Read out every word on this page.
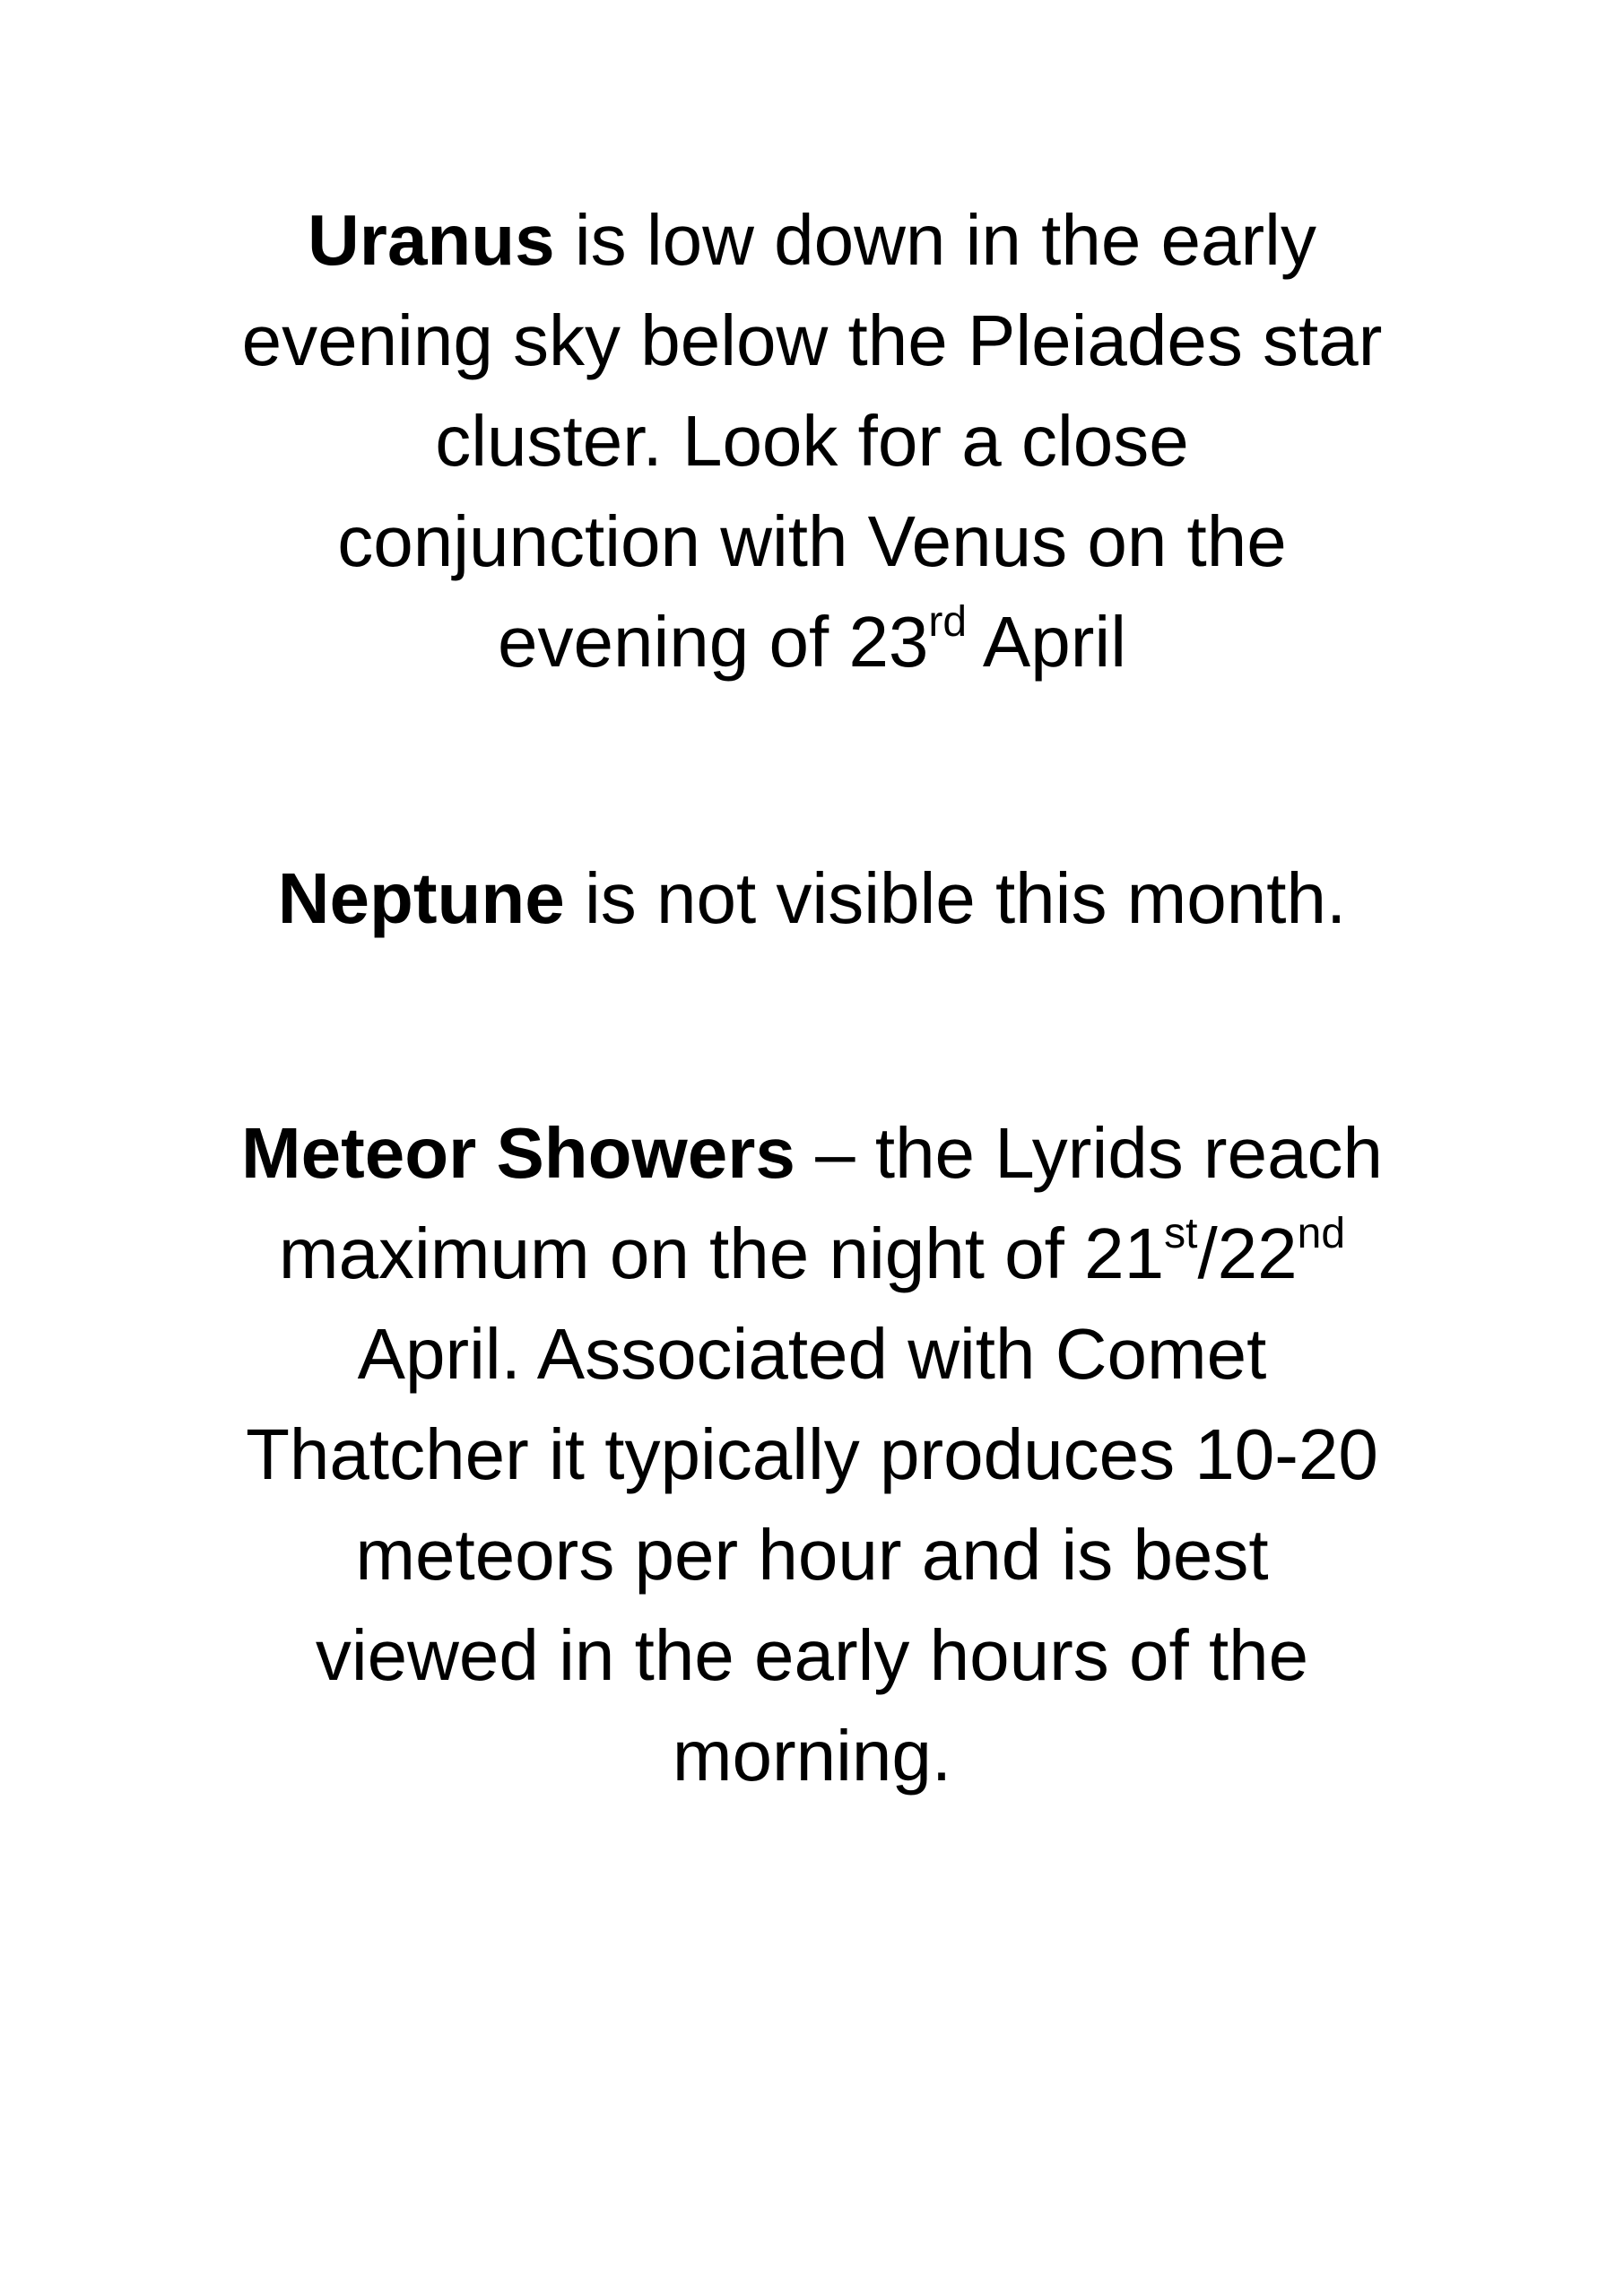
Uranus is low down in the early
evening sky below the Pleiades star
cluster. Look for a close
conjunction with Venus on the
evening of 23rd April

Neptune is not visible this month.

Meteor Showers – the Lyrids reach
maximum on the night of 21st/22nd
April. Associated with Comet
Thatcher it typically produces 10-20
meteors per hour and is best
viewed in the early hours of the
morning.
